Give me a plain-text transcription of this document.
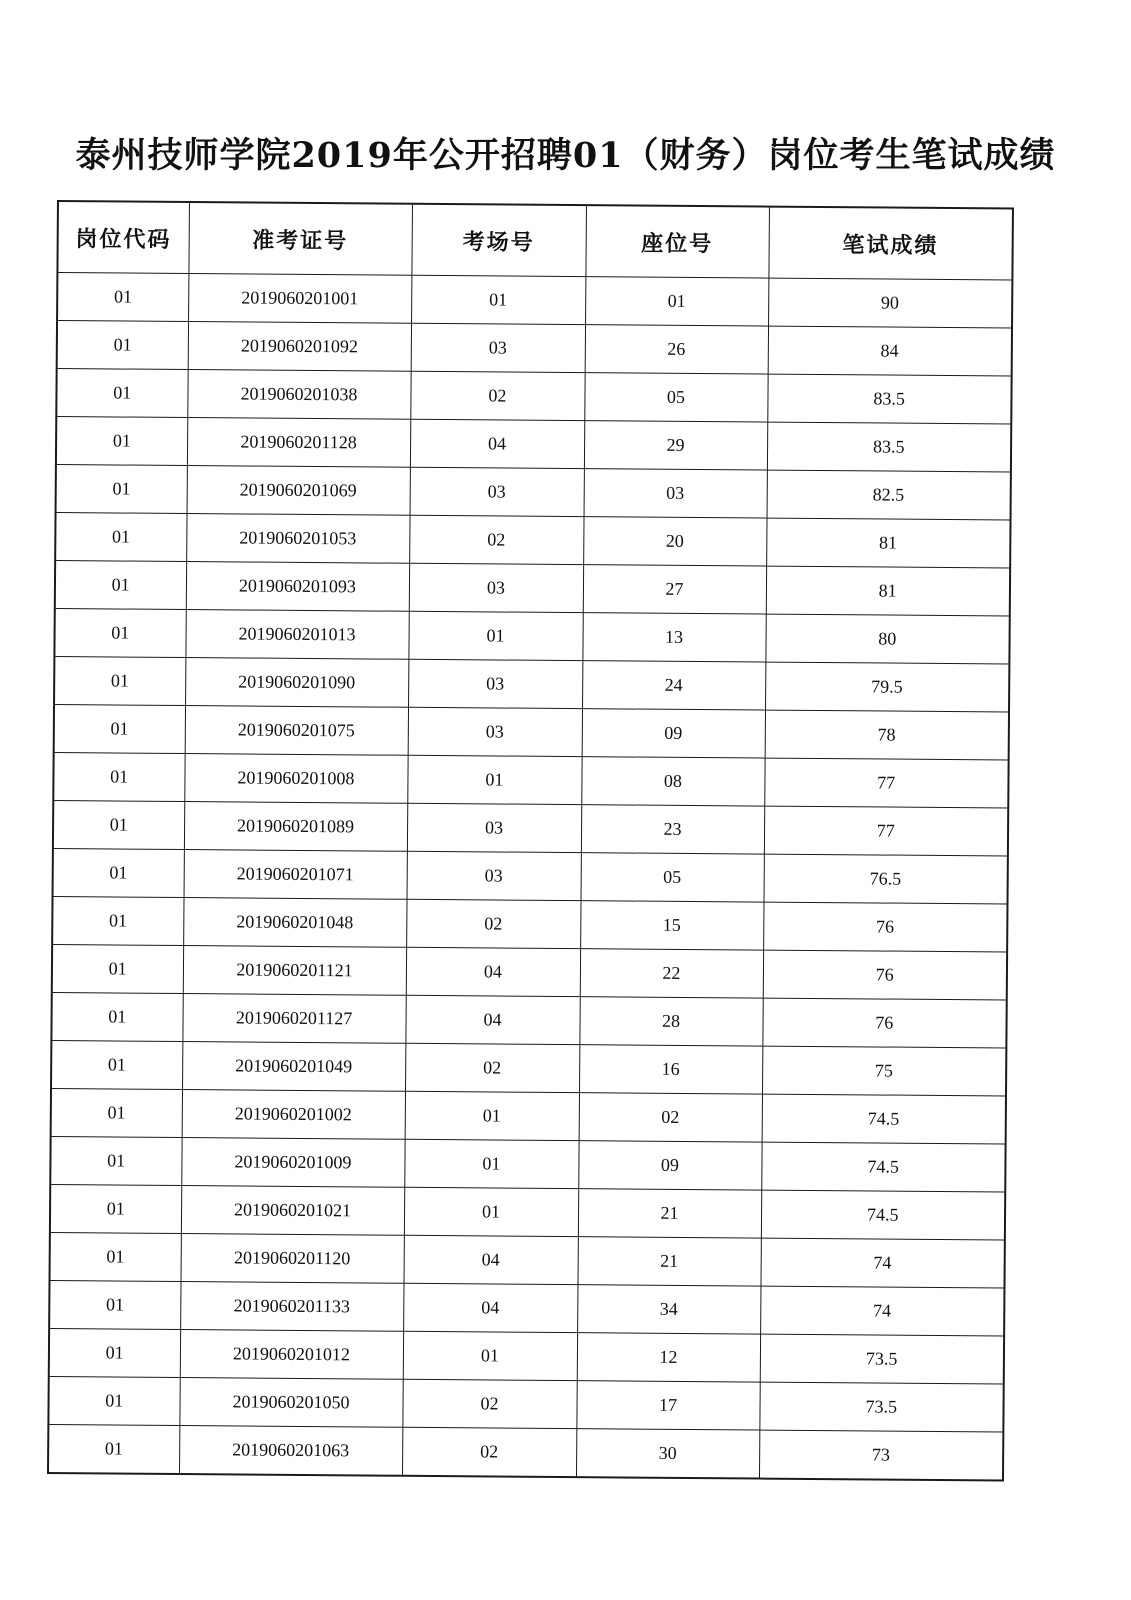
泰州技师学院2019年公开招聘01（财务）岗位考生笔试成绩
岗位代码	准考证号	考场号	座位号	笔试成绩
01	2019060201001	01	01	90
01	2019060201092	03	26	84
01	2019060201038	02	05	83.5
01	2019060201128	04	29	83.5
01	2019060201069	03	03	82.5
01	2019060201053	02	20	81
01	2019060201093	03	27	81
01	2019060201013	01	13	80
01	2019060201090	03	24	79.5
01	2019060201075	03	09	78
01	2019060201008	01	08	77
01	2019060201089	03	23	77
01	2019060201071	03	05	76.5
01	2019060201048	02	15	76
01	2019060201121	04	22	76
01	2019060201127	04	28	76
01	2019060201049	02	16	75
01	2019060201002	01	02	74.5
01	2019060201009	01	09	74.5
01	2019060201021	01	21	74.5
01	2019060201120	04	21	74
01	2019060201133	04	34	74
01	2019060201012	01	12	73.5
01	2019060201050	02	17	73.5
01	2019060201063	02	30	73
